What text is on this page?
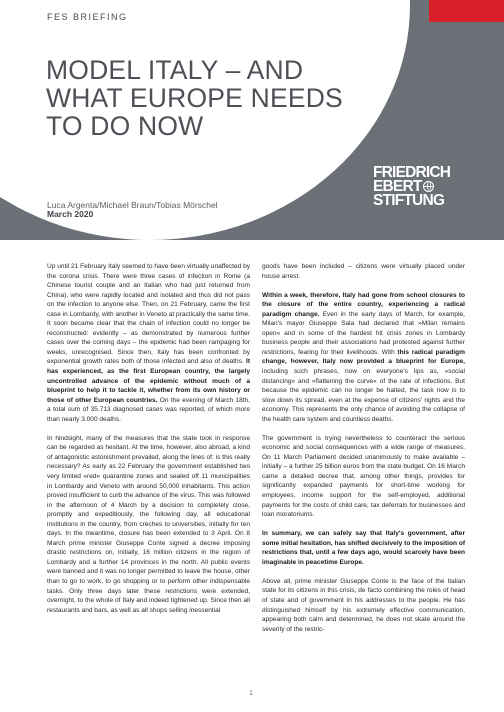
FES BRIEFING
MODEL ITALY – AND WHAT EUROPE NEEDS TO DO NOW
Luca Argenta/Michael Braun/Tobias Mörschel
March 2020
FRIEDRICH
EBERT
STIFTUNG

Up until 21 February Italy seemed to have been virtually unaffected by the corona crisis. There were three cases of infection in Rome (a Chinese tourist couple and an Italian who had just returned from China), who were rapidly located and isolated and thus did not pass on the infection to anyone else. Then, on 21 February, came the first case in Lombardy, with another in Veneto at practically the same time. It soon became clear that the chain of infection could no longer be reconstructed: evidently – as demonstrated by numerous further cases over the coming days – the epidemic had been rampaging for weeks, unrecognised. Since then, Italy has been confronted by exponential growth rates both of those infected and also of deaths. It has experienced, as the first European country, the largely uncontrolled advance of the epidemic without much of a blueprint to help it to tackle it, whether from its own history or those of other European countries. On the evening of March 18th, a total sum of 35.713 diagnosed cases was reported, of which more than nearly 3.000 deaths.

In hindsight, many of the measures that the state took in response can be regarded as hesitant. At the time, however, also abroad, a kind of antagonistic astonishment prevailed, along the lines of: is this really necessary? As early as 22 February the government established two very limited »red« quarantine zones and sealed off 11 municipalities in Lombardy and Veneto with around 50,000 inhabitants. This action proved insufficient to curb the advance of the virus. This was followed in the afternoon of 4 March by a decision to completely close, promptly and expeditiously, the following day, all educational institutions in the country, from crèches to universities, initially for ten days. In the meantime, closure has been extended to 3 April. On 8 March prime minister Giuseppe Conte signed a decree imposing drastic restrictions on, initially, 16 million citizens in the region of Lombardy and a further 14 provinces in the north. All public events were banned and it was no longer permitted to leave the house, other than to go to work, to go shopping or to perform other indispensable tasks. Only three days later these restrictions were extended, overnight, to the whole of Italy and indeed tightened up. Since then all restaurants and bars, as well as all shops selling inessential

goods have been included – citizens were virtually placed under house arrest.

Within a week, therefore, Italy had gone from school closures to the closure of the entire country, experiencing a radical paradigm change. Even in the early days of March, for example, Milan's mayor Giuseppe Sala had declared that »Milan remains open« and in some of the hardest hit crisis zones in Lombardy business people and their associations had protested against further restrictions, fearing for their livelihoods. With this radical paradigm change, however, Italy now provided a blueprint for Europe, including such phrases, now on everyone's lips as, »social distancing« and »flattening the curve« of the rate of infections. But because the epidemic can no longer be halted, the task now is to slow down its spread, even at the expense of citizens' rights and the economy. This represents the only chance of avoiding the collapse of the health care system and countless deaths.

The government is trying nevertheless to counteract the serious economic and social consequences with a wide range of measures. On 11 March Parliament decided unanimously to make available – initially – a further 25 billion euros from the state budget. On 16 March came a detailed decree that, among other things, provides for significantly expanded payments for short-time working for employees, income support for the self-employed, additional payments for the costs of child care, tax deferrals for businesses and loan moratoriums.

In summary, we can safely say that Italy's government, after some initial hesitation, has shifted decisively to the imposition of restrictions that, until a few days ago, would scarcely have been imaginable in peacetime Europe.

Above all, prime minister Giuseppe Conte is the face of the Italian state for its citizens in this crisis, de facto combining the roles of head of state and of government in his addresses to the people. He has distinguished himself by his extremely effective communication, appearing both calm and determined, he does not skate around the severity of the restric-

1
